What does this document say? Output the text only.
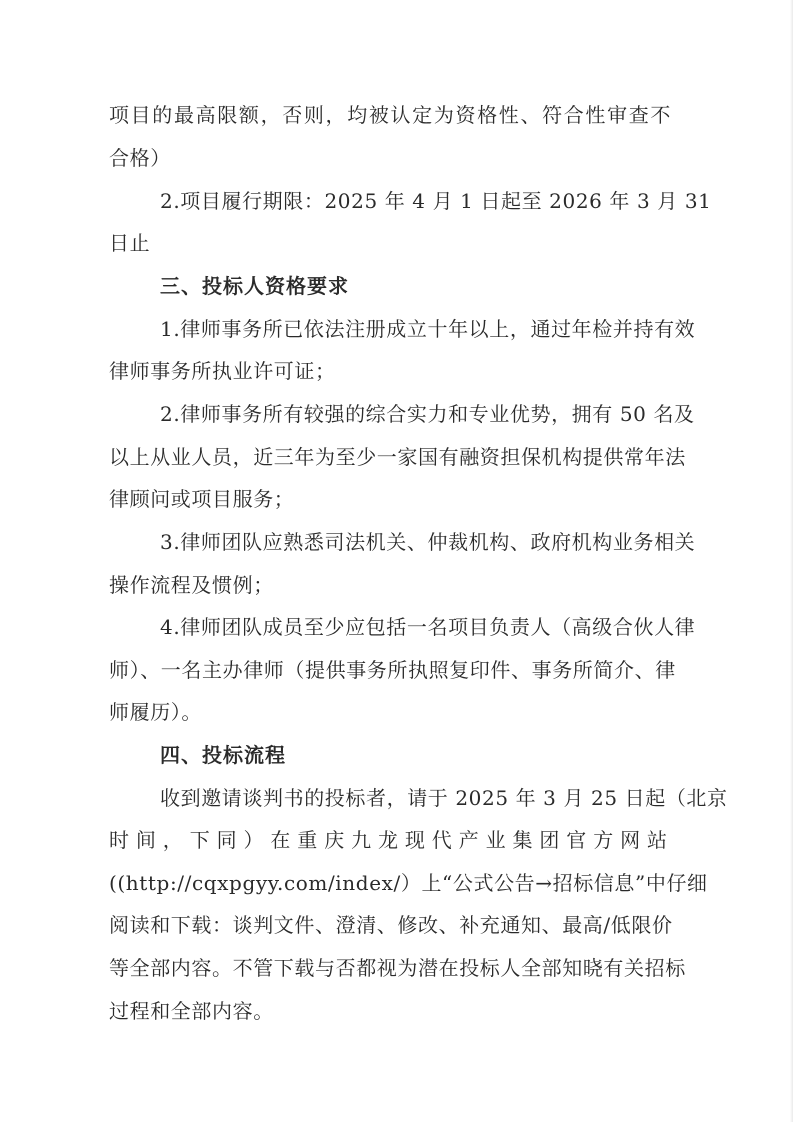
项目的最高限额，否则，均被认定为资格性、符合性审查不
合格）
2.项目履行期限：2025 年 4 月 1 日起至 2026 年 3 月 31
日止
三、投标人资格要求
1.律师事务所已依法注册成立十年以上，通过年检并持有效
律师事务所执业许可证；
2.律师事务所有较强的综合实力和专业优势，拥有 50 名及
以上从业人员，近三年为至少一家国有融资担保机构提供常年法
律顾问或项目服务；
3.律师团队应熟悉司法机关、仲裁机构、政府机构业务相关
操作流程及惯例；
4.律师团队成员至少应包括一名项目负责人（高级合伙人律
师）、一名主办律师（提供事务所执照复印件、事务所简介、律
师履历）。
四、投标流程
收到邀请谈判书的投标者，请于 2025 年 3 月 25 日起（北京
时间，下同）在重庆九龙现代产业集团官方网站
((http://cqxpgyy.com/index/）上“公式公告→招标信息”中仔细
阅读和下载：谈判文件、澄清、修改、补充通知、最高/低限价
等全部内容。不管下载与否都视为潜在投标人全部知晓有关招标
过程和全部内容。
